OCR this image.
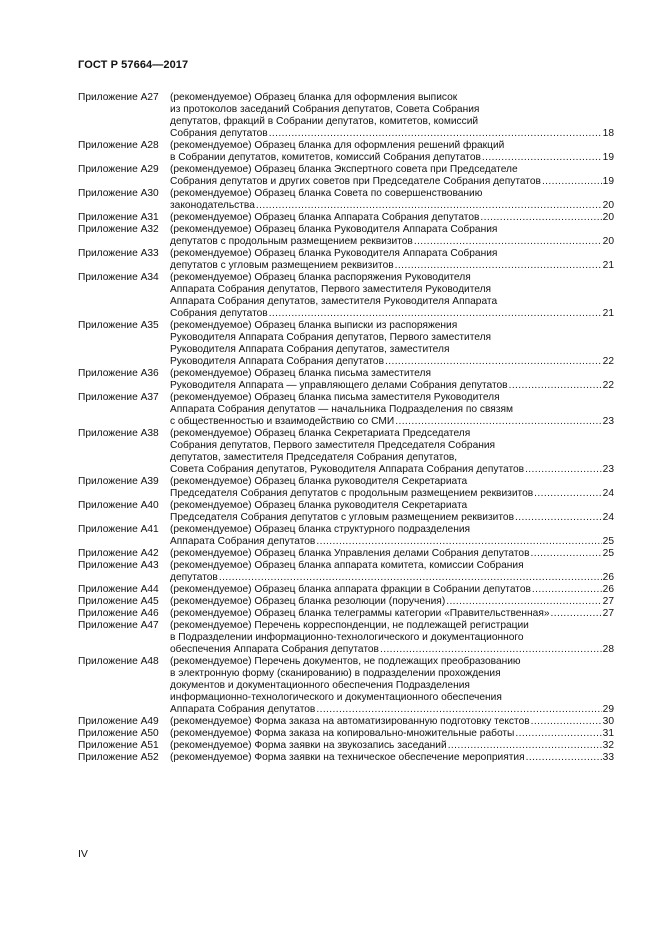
ГОСТ Р 57664—2017
Приложение А27 (рекомендуемое) Образец бланка для оформления выписок
из протоколов заседаний Собрания депутатов, Совета Собрания
депутатов, фракций в Собрании депутатов, комитетов, комиссий
Собрания депутатов .....	18
Приложение А28 (рекомендуемое) Образец бланка для оформления решений фракций
в Собрании депутатов, комитетов, комиссий Собрания депутатов .....	19
Приложение А29 (рекомендуемое) Образец бланка Экспертного совета при Председателе
Собрания депутатов и других советов при Председателе Собрания депутатов .....	19
Приложение А30 (рекомендуемое) Образец бланка Совета по совершенствованию
законодательства .....	20
Приложение А31 (рекомендуемое) Образец бланка Аппарата Собрания депутатов .....	20
Приложение А32 (рекомендуемое) Образец бланка Руководителя Аппарата Собрания
депутатов с продольным размещением реквизитов .....	20
Приложение А33 (рекомендуемое) Образец бланка Руководителя Аппарата Собрания
депутатов с угловым размещением реквизитов .....	21
Приложение А34 (рекомендуемое) Образец бланка распоряжения Руководителя
Аппарата Собрания депутатов, Первого заместителя Руководителя
Аппарата Собрания депутатов, заместителя Руководителя Аппарата
Собрания депутатов .....	21
Приложение А35 (рекомендуемое) Образец бланка выписки из распоряжения
Руководителя Аппарата Собрания депутатов, Первого заместителя
Руководителя Аппарата Собрания депутатов, заместителя
Руководителя Аппарата Собрания депутатов .....	22
Приложение А36 (рекомендуемое) Образец бланка письма заместителя
Руководителя Аппарата — управляющего делами Собрания депутатов .....	22
Приложение А37 (рекомендуемое) Образец бланка письма заместителя Руководителя
Аппарата Собрания депутатов — начальника Подразделения по связям
с общественностью и взаимодействию со СМИ .....	23
Приложение А38 (рекомендуемое) Образец бланка Секретариата Председателя
Собрания депутатов, Первого заместителя Председателя Собрания
депутатов, заместителя Председателя Собрания депутатов,
Совета Собрания депутатов, Руководителя Аппарата Собрания депутатов .....	23
Приложение А39 (рекомендуемое) Образец бланка руководителя Секретариата
Председателя Собрания депутатов с продольным размещением реквизитов .....	24
Приложение А40 (рекомендуемое) Образец бланка руководителя Секретариата
Председателя Собрания депутатов с угловым размещением реквизитов .....	24
Приложение А41 (рекомендуемое) Образец бланка структурного подразделения
Аппарата Собрания депутатов .....	25
Приложение А42 (рекомендуемое) Образец бланка Управления делами Собрания депутатов .....	25
Приложение А43 (рекомендуемое) Образец бланка аппарата комитета, комиссии Собрания
депутатов .....	26
Приложение А44 (рекомендуемое) Образец бланка аппарата фракции в Собрании депутатов .....	26
Приложение А45 (рекомендуемое) Образец бланка резолюции (поручения) .....	27
Приложение А46 (рекомендуемое) Образец бланка телеграммы категории «Правительственная» .....	27
Приложение А47 (рекомендуемое) Перечень корреспонденции, не подлежащей регистрации
в Подразделении информационно-технологического и документационного
обеспечения Аппарата Собрания депутатов .....	28
Приложение А48 (рекомендуемое) Перечень документов, не подлежащих преобразованию
в электронную форму (сканированию) в подразделении прохождения
документов и документационного обеспечения Подразделения
информационно-технологического и документационного обеспечения
Аппарата Собрания депутатов .....	29
Приложение А49 (рекомендуемое) Форма заказа на автоматизированную подготовку текстов .....	30
Приложение А50 (рекомендуемое) Форма заказа на копировально-множительные работы .....	31
Приложение А51 (рекомендуемое) Форма заявки на звукозапись заседаний .....	32
Приложение А52 (рекомендуемое) Форма заявки на техническое обеспечение мероприятия .....	33
IV
